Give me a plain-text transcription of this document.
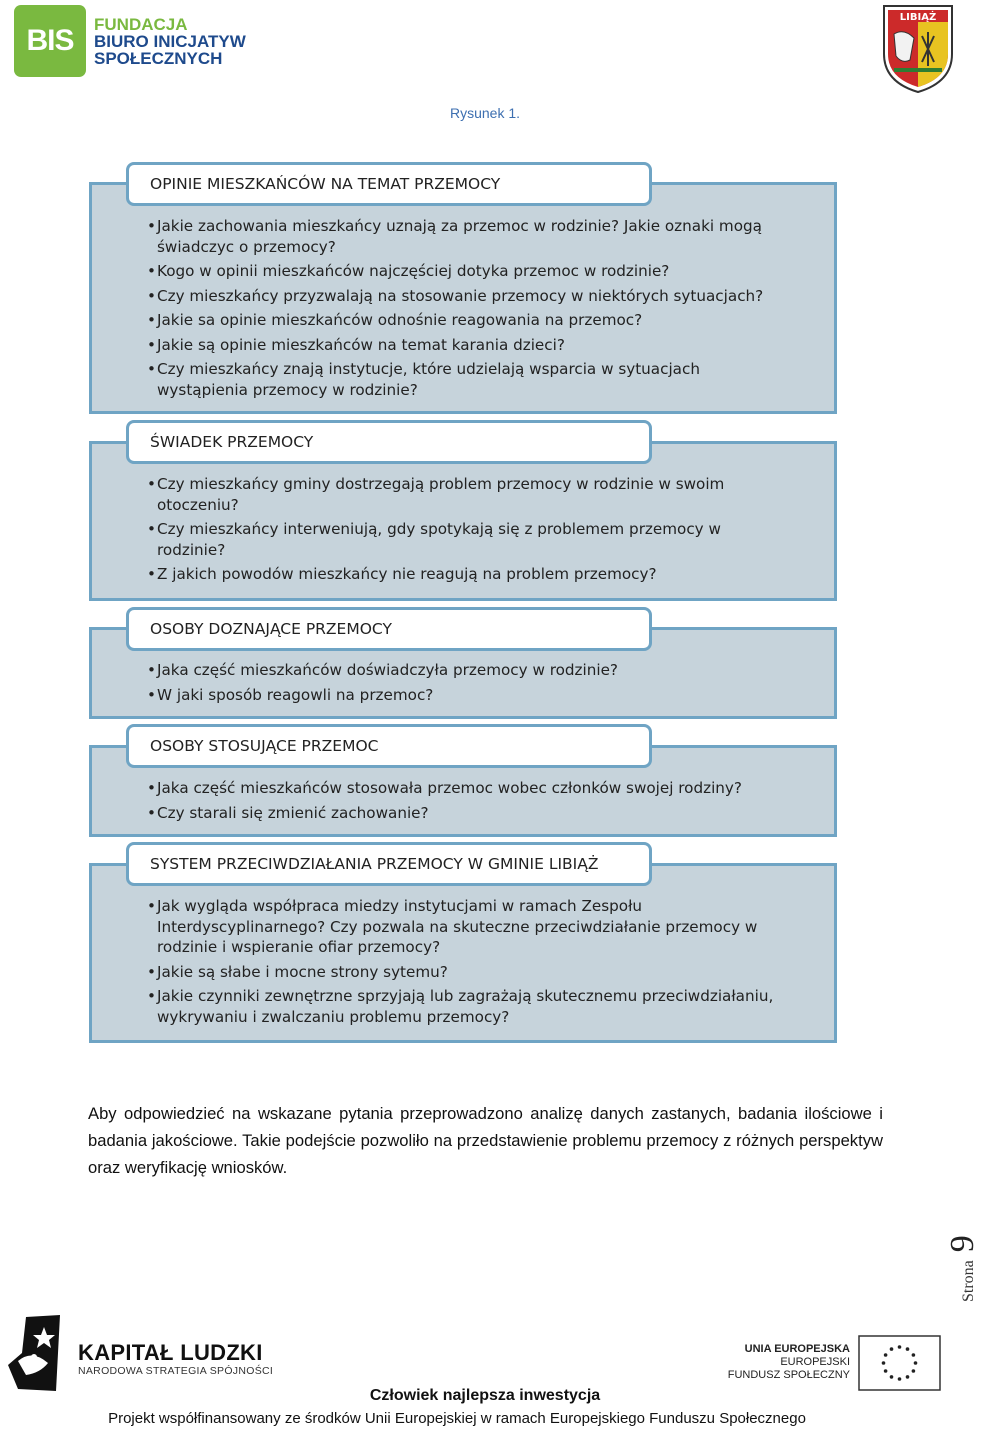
BIS	FUNDACJA
BIURO INICJATYW
SPOŁECZNYCH
LIBIĄŻ
Rysunek 1.
OPINIE MIESZKAŃCÓW NA TEMAT PRZEMOCY
• Jakie zachowania mieszkańcy uznają za przemoc w rodzinie? Jakie oznaki mogą świadczyc o przemocy?
• Kogo w opinii mieszkańców najczęściej dotyka przemoc w rodzinie?
• Czy mieszkańcy przyzwalają na stosowanie przemocy w niektórych sytuacjach?
• Jakie sa opinie mieszkańców odnośnie reagowania na przemoc?
• Jakie są opinie mieszkańców na temat karania dzieci?
• Czy mieszkańcy znają instytucje, które udzielają wsparcia w sytuacjach wystąpienia przemocy w rodzinie?
ŚWIADEK PRZEMOCY
• Czy mieszkańcy gminy dostrzegają problem przemocy w rodzinie w swoim otoczeniu?
• Czy mieszkańcy interweniują, gdy spotykają się z problemem przemocy w rodzinie?
• Z jakich powodów mieszkańcy nie reagują na problem przemocy?
OSOBY DOZNAJĄCE PRZEMOCY
• Jaka część mieszkańców doświadczyła przemocy w rodzinie?
• W jaki sposób reagowli na przemoc?
OSOBY STOSUJĄCE PRZEMOC
• Jaka część mieszkańców stosowała przemoc wobec członków swojej rodziny?
• Czy starali się zmienić zachowanie?
SYSTEM PRZECIWDZIAŁANIA PRZEMOCY W GMINIE LIBIĄŻ
• Jak wygląda współpraca miedzy instytucjami w ramach Zespołu Interdyscyplinarnego? Czy pozwala na skuteczne przeciwdziałanie przemocy w rodzinie i wspieranie ofiar przemocy?
• Jakie są słabe i mocne strony sytemu?
• Jakie czynniki zewnętrzne sprzyjają lub zagrażają skutecznemu przeciwdziałaniu, wykrywaniu i zwalczaniu problemu przemocy?

Aby odpowiedzieć na wskazane pytania przeprowadzono analizę danych zastanych, badania ilościowe i badania jakościowe. Takie podejście pozwoliło na przedstawienie problemu przemocy z różnych perspektyw oraz weryfikację wniosków.

Strona 9
KAPITAŁ LUDZKI
NARODOWA STRATEGIA SPÓJNOŚCI
UNIA EUROPEJSKA
EUROPEJSKI
FUNDUSZ SPOŁECZNY
Człowiek najlepsza inwestycja
Projekt współfinansowany ze środków Unii Europejskiej w ramach Europejskiego Funduszu Społecznego
